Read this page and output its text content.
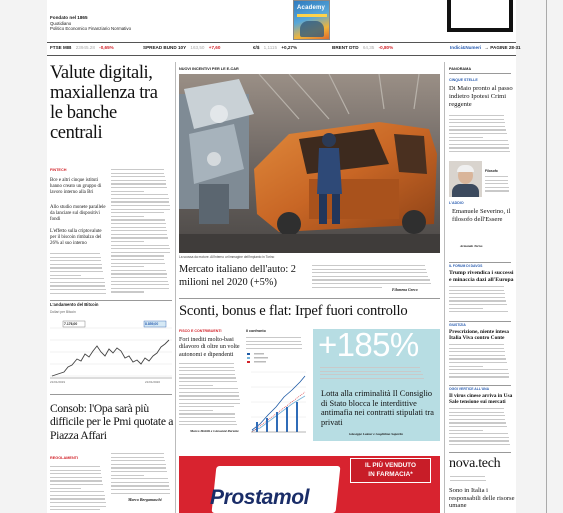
Fondato nel 1865
Quotidiano
Politico Economico Finanziario Normativo
Academy
FTSE MIB 23945.28 -0,65%	SPREAD BUND 10Y 163,50 +7,60	€/$ 1,1115 +0,27%	BRENT DTD 64,35 -0,80%	Indici&Numeri → PAGINE 28-31
Valute digitali, maxiallenza tra le banche centrali
FINTECH
Bce e altri cinque istituti hanno creato un gruppo di lavoro interno alla Bri
Allo studio monete parallele da lanciare sul dispositivi fondi
L'effetto sulla criptovalute per il biscoin rimbalzo del 26% al suo interno
L'andamento del Bitcoin
Dollari per Bitcoin
7.176,00	8.859,00
21/01/2019	21/01/2020
Consob: l'Opa sarà più difficile per le Pmi quotate a Piazza Affari
REGOLAMENTI
Marco Bergamaschi
NUOVI INCENTIVI PER LE E-CAR
La scossa da motore. All'interno un'immagine dell'impianto in Torino
Mercato italiano dell'auto: 2 milioni nel 2020 (+5%)
Filomena Greco
Sconti, bonus e flat: Irpef fuori controllo
FISCO E CONTRIBUENTI
Fori inediti molto-basi dilavoro di oltre un volte autonomi e dipendenti
Marco Mobili e Giovanni Parente
Il confronto +185%
Lotta alla criminalità Il Consiglio di Stato blocca le interdittive antimafia nei contratti stipulati tra privati
Giuseppe Latour e Guglielmo Saporito
IL PIÙ VENDUTO
IN FARMACIA*
Prostamol
PANORAMA
CINQUE STELLE
Di Maio pronto al passo indietro Ipotesi Crimi reggente
Filosofo
L'ADDIO
Emanuele Severino, il filosofo dell'Essere
Armando Torno
IL FORUM DI DAVOS
Trump rivendica i successi e minaccia dazi all'Europa
GIUSTIZIA
Prescrizione, niente intesa Italia Viva contro Conte
OGGI VERTICE ALL'UNA
Il virus cinese arriva in Usa Sale tensione sui mercati
nova.tech
Sono in Italia i responsabili delle risorse umane
